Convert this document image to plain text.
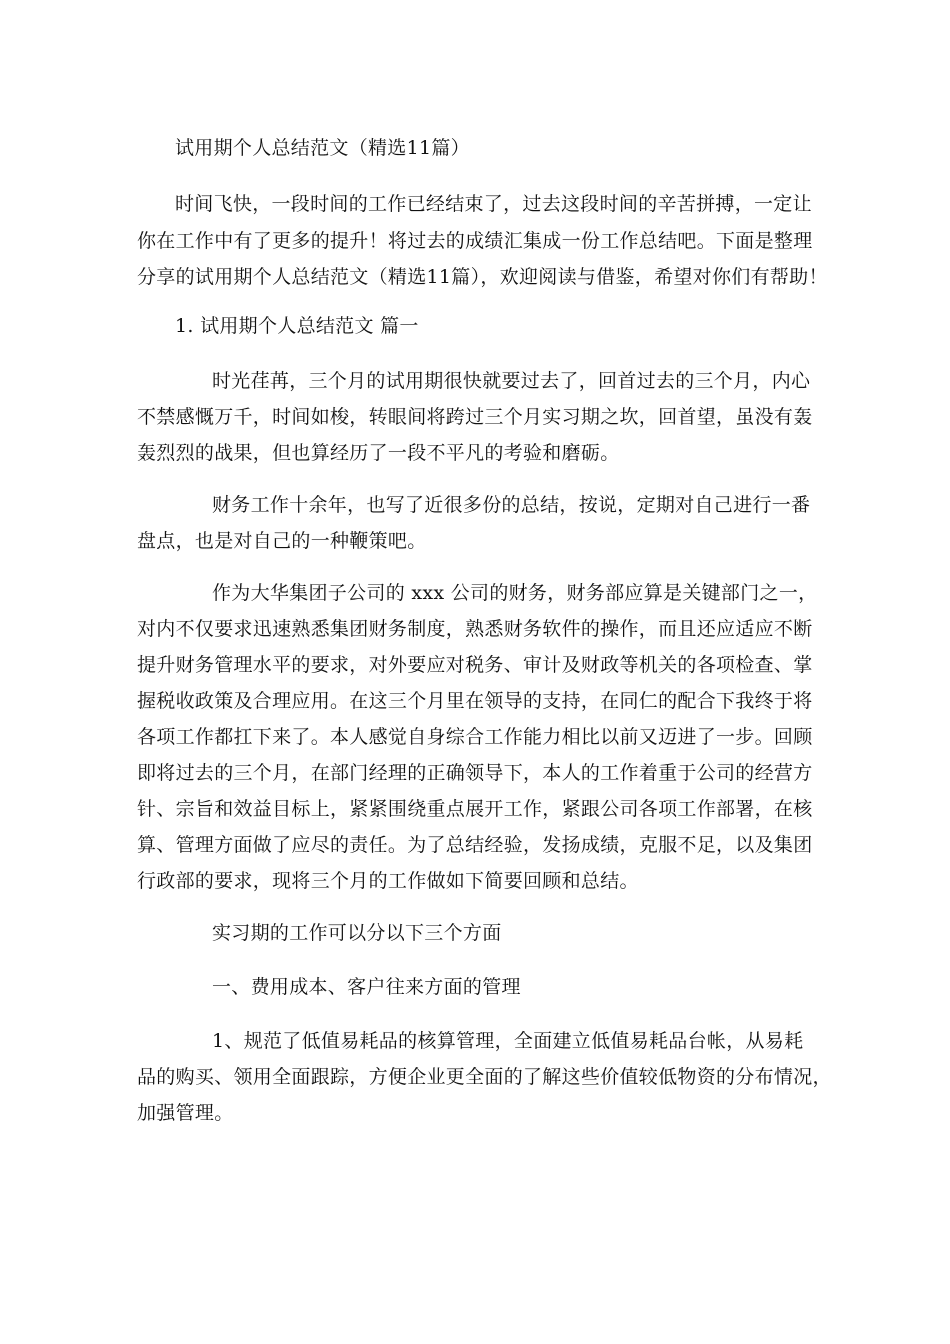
试用期个人总结范文（精选11篇）
时间飞快，一段时间的工作已经结束了，过去这段时间的辛苦拼搏，一定让
你在工作中有了更多的提升！将过去的成绩汇集成一份工作总结吧。下面是整理
分享的试用期个人总结范文（精选11篇），欢迎阅读与借鉴，希望对你们有帮助！
1. 试用期个人总结范文 篇一
时光荏苒，三个月的试用期很快就要过去了，回首过去的三个月，内心
不禁感慨万千，时间如梭，转眼间将跨过三个月实习期之坎，回首望，虽没有轰
轰烈烈的战果，但也算经历了一段不平凡的考验和磨砺。
财务工作十余年，也写了近很多份的总结，按说，定期对自己进行一番
盘点，也是对自己的一种鞭策吧。
作为大华集团子公司的 xxx 公司的财务，财务部应算是关键部门之一，
对内不仅要求迅速熟悉集团财务制度，熟悉财务软件的操作，而且还应适应不断
提升财务管理水平的要求，对外要应对税务、审计及财政等机关的各项检查、掌
握税收政策及合理应用。在这三个月里在领导的支持，在同仁的配合下我终于将
各项工作都扛下来了。本人感觉自身综合工作能力相比以前又迈进了一步。回顾
即将过去的三个月，在部门经理的正确领导下，本人的工作着重于公司的经营方
针、宗旨和效益目标上，紧紧围绕重点展开工作，紧跟公司各项工作部署，在核
算、管理方面做了应尽的责任。为了总结经验，发扬成绩，克服不足，以及集团
行政部的要求，现将三个月的工作做如下简要回顾和总结。
实习期的工作可以分以下三个方面
一、费用成本、客户往来方面的管理
1、规范了低值易耗品的核算管理，全面建立低值易耗品台帐，从易耗
品的购买、领用全面跟踪，方便企业更全面的了解这些价值较低物资的分布情况，
加强管理。
